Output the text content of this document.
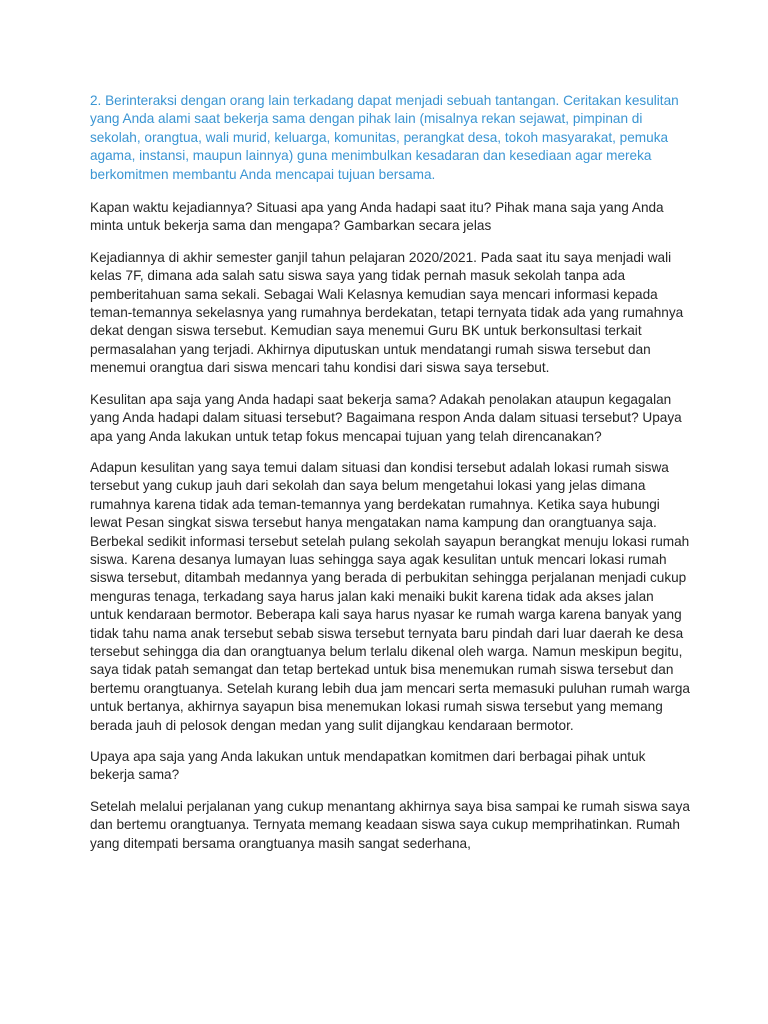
2. Berinteraksi dengan orang lain terkadang dapat menjadi sebuah tantangan. Ceritakan kesulitan yang Anda alami saat bekerja sama dengan pihak lain (misalnya rekan sejawat, pimpinan di sekolah, orangtua, wali murid, keluarga, komunitas, perangkat desa, tokoh masyarakat, pemuka agama, instansi, maupun lainnya) guna menimbulkan kesadaran dan kesediaan agar mereka berkomitmen membantu Anda mencapai tujuan bersama.

Kapan waktu kejadiannya? Situasi apa yang Anda hadapi saat itu? Pihak mana saja yang Anda minta untuk bekerja sama dan mengapa? Gambarkan secara jelas

Kejadiannya di akhir semester ganjil tahun pelajaran 2020/2021. Pada saat itu saya menjadi wali kelas 7F, dimana ada salah satu siswa saya yang tidak pernah masuk sekolah tanpa ada pemberitahuan sama sekali. Sebagai Wali Kelasnya kemudian saya mencari informasi kepada teman-temannya sekelasnya yang rumahnya berdekatan, tetapi ternyata tidak ada yang rumahnya dekat dengan siswa tersebut. Kemudian saya menemui Guru BK untuk berkonsultasi terkait permasalahan yang terjadi. Akhirnya diputuskan untuk mendatangi rumah siswa tersebut dan menemui orangtua dari siswa mencari tahu kondisi dari siswa saya tersebut.

Kesulitan apa saja yang Anda hadapi saat bekerja sama? Adakah penolakan ataupun kegagalan yang Anda hadapi dalam situasi tersebut? Bagaimana respon Anda dalam situasi tersebut? Upaya apa yang Anda lakukan untuk tetap fokus mencapai tujuan yang telah direncanakan?

Adapun kesulitan yang saya temui dalam situasi dan kondisi tersebut adalah lokasi rumah siswa tersebut yang cukup jauh dari sekolah dan saya belum mengetahui lokasi yang jelas dimana rumahnya karena tidak ada teman-temannya yang berdekatan rumahnya. Ketika saya hubungi lewat Pesan singkat siswa tersebut hanya mengatakan nama kampung dan orangtuanya saja. Berbekal sedikit informasi tersebut setelah pulang sekolah sayapun berangkat menuju lokasi rumah siswa. Karena desanya lumayan luas sehingga saya agak kesulitan untuk mencari lokasi rumah siswa tersebut, ditambah medannya yang berada di perbukitan sehingga perjalanan menjadi cukup menguras tenaga, terkadang saya harus jalan kaki menaiki bukit karena tidak ada akses jalan untuk kendaraan bermotor. Beberapa kali saya harus nyasar ke rumah warga karena banyak yang tidak tahu nama anak tersebut sebab siswa tersebut ternyata baru pindah dari luar daerah ke desa tersebut sehingga dia dan orangtuanya belum terlalu dikenal oleh warga. Namun meskipun begitu, saya tidak patah semangat dan tetap bertekad untuk bisa menemukan rumah siswa tersebut dan bertemu orangtuanya. Setelah kurang lebih dua jam mencari serta memasuki puluhan rumah warga untuk bertanya, akhirnya sayapun bisa menemukan lokasi rumah siswa tersebut yang memang berada jauh di pelosok dengan medan yang sulit dijangkau kendaraan bermotor.

Upaya apa saja yang Anda lakukan untuk mendapatkan komitmen dari berbagai pihak untuk bekerja sama?

Setelah melalui perjalanan yang cukup menantang akhirnya saya bisa sampai ke rumah siswa saya dan bertemu orangtuanya. Ternyata memang keadaan siswa saya cukup memprihatinkan. Rumah yang ditempati bersama orangtuanya masih sangat sederhana,
